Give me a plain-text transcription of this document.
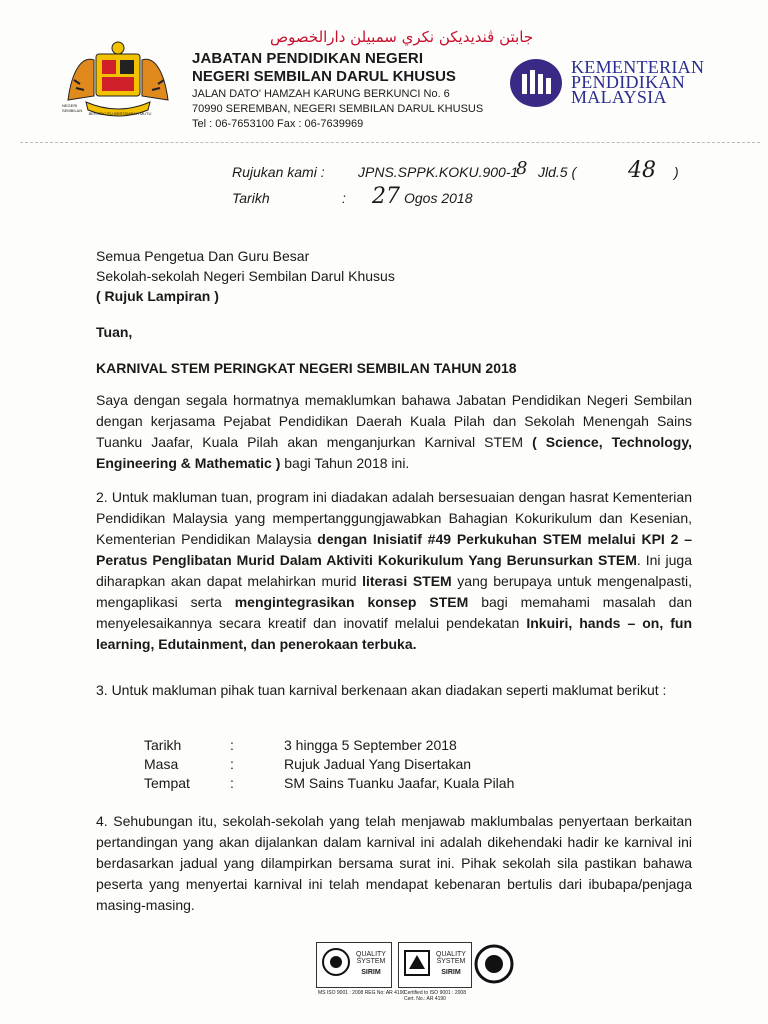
BERSEKUTU BERTAMBAH MUTU
NEGERI SEMBILAN
جابتن ڤنديديكن نكري سمبيلن دارالخصوص
JABATAN PENDIDIKAN NEGERI
NEGERI SEMBILAN DARUL KHUSUS
JALAN DATO' HAMZAH KARUNG BERKUNCI No. 6
70990 SEREMBAN, NEGERI SEMBILAN DARUL KHUSUS
Tel : 06-7653100 Fax : 06-7639969
KEMENTERIAN
PENDIDIKAN
MALAYSIA
Rujukan kami : JPNS.SPPK.KOKU.900-1
8 Jld.5 ( 48 )
Tarikh	: 27 Ogos 2018
Semua Pengetua Dan Guru Besar
Sekolah-sekolah Negeri Sembilan Darul Khusus
( Rujuk Lampiran )
Tuan,
KARNIVAL STEM PERINGKAT NEGERI SEMBILAN TAHUN 2018
Saya dengan segala hormatnya memaklumkan bahawa Jabatan Pendidikan Negeri Sembilan dengan kerjasama Pejabat Pendidikan Daerah Kuala Pilah dan Sekolah Menengah Sains Tuanku Jaafar, Kuala Pilah akan menganjurkan Karnival STEM ( Science, Technology, Engineering & Mathematic ) bagi Tahun 2018 ini.
2. Untuk makluman tuan, program ini diadakan adalah bersesuaian dengan hasrat Kementerian Pendidikan Malaysia yang mempertanggungjawabkan Bahagian Kokurikulum dan Kesenian, Kementerian Pendidikan Malaysia dengan Inisiatif #49 Perkukuhan STEM melalui KPI 2 – Peratus Penglibatan Murid Dalam Aktiviti Kokurikulum Yang Berunsurkan STEM. Ini juga diharapkan akan dapat melahirkan murid literasi STEM yang berupaya untuk mengenalpasti, mengaplikasi serta mengintegrasikan konsep STEM bagi memahami masalah dan menyelesaikannya secara kreatif dan inovatif melalui pendekatan Inkuiri, hands – on, fun learning, Edutainment, dan penerokaan terbuka.
3. Untuk makluman pihak tuan karnival berkenaan akan diadakan seperti maklumat berikut :
Tarikh	:	3 hingga 5 September 2018
Masa	:	Rujuk Jadual Yang Disertakan
Tempat	:	SM Sains Tuanku Jaafar, Kuala Pilah
4. Sehubungan itu, sekolah-sekolah yang telah menjawab maklumbalas penyertaan berkaitan pertandingan yang akan dijalankan dalam karnival ini adalah dikehendaki hadir ke karnival ini berdasarkan jadual yang dilampirkan bersama surat ini. Pihak sekolah sila pastikan bahawa peserta yang menyertai karnival ini telah mendapat kebenaran bertulis dari ibubapa/penjaga masing-masing.
QUALITY SYSTEM
SIRIM
QUALITY SYSTEM
SIRIM
MS ISO 9001 : 2008 REG No: AR 4190
Certified to ISO 9001 : 2008 Cert. No.: AR 4190
